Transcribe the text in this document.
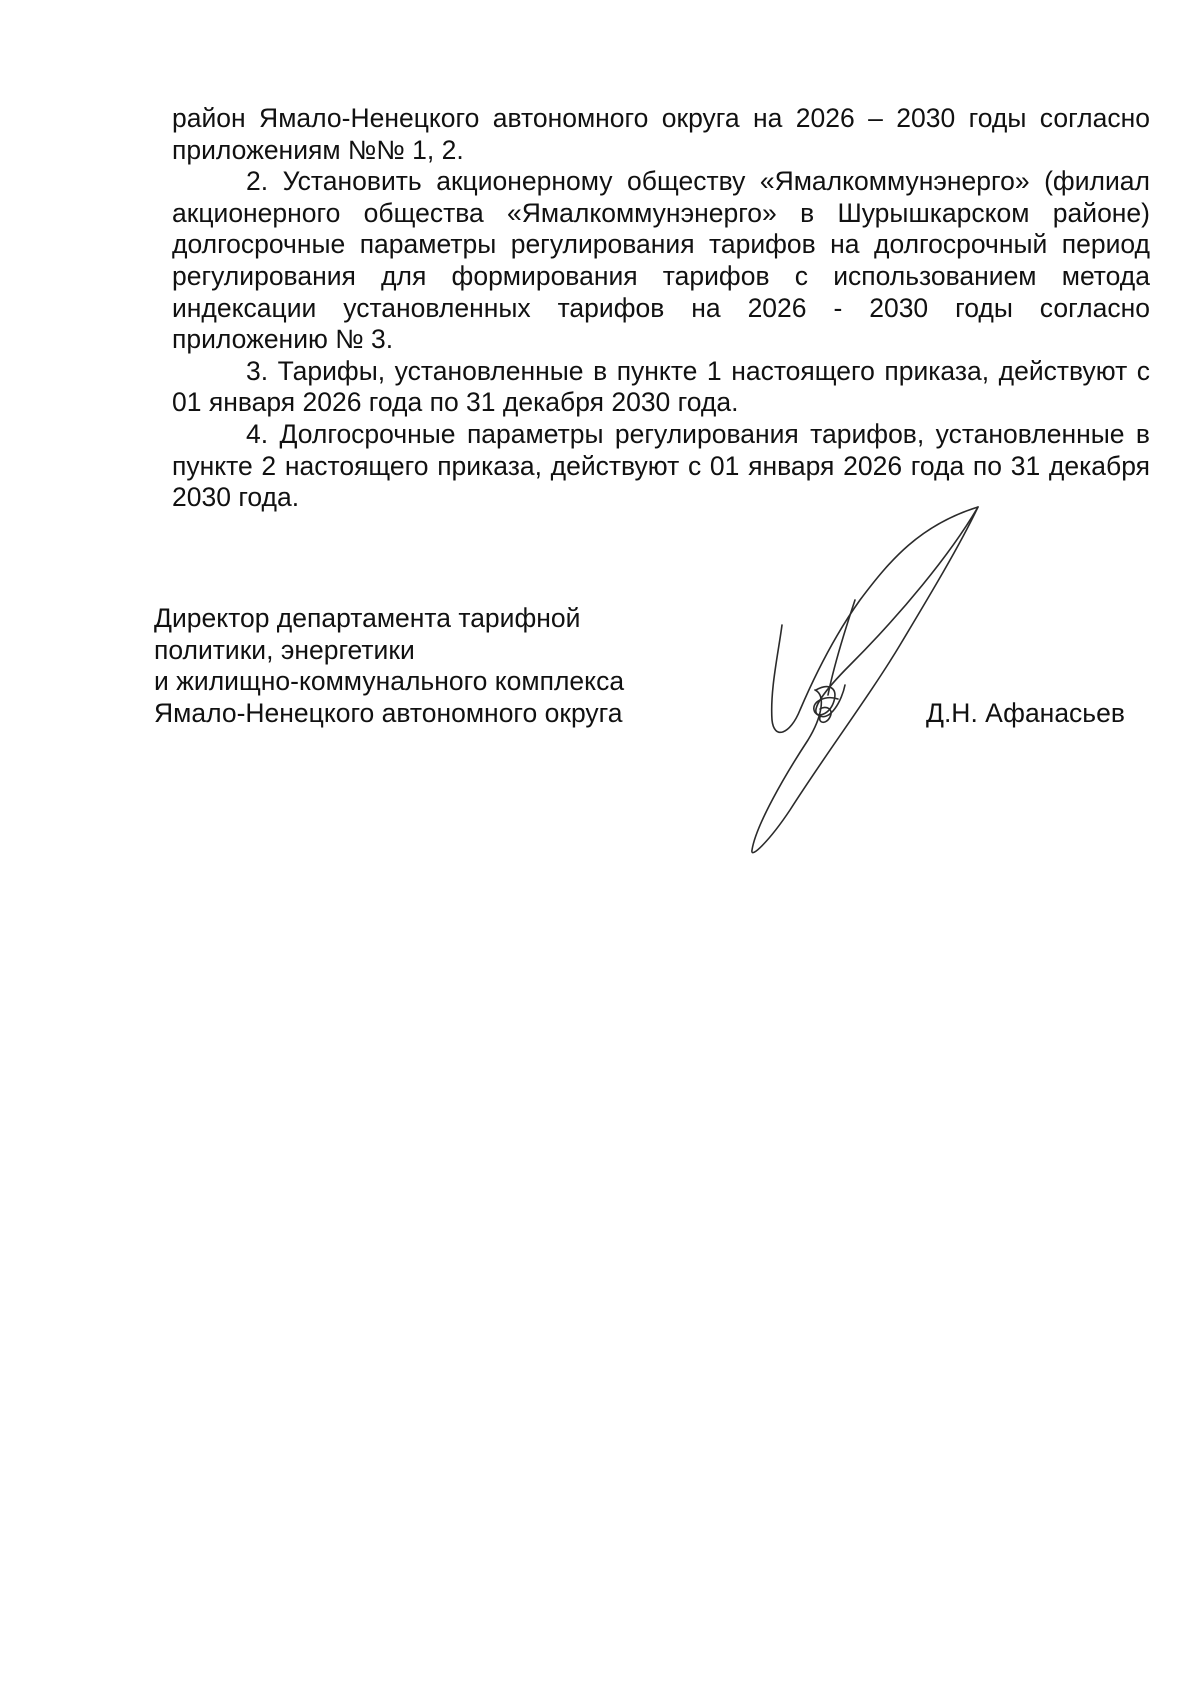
район Ямало-Ненецкого автономного округа на 2026 – 2030 годы согласно приложениям №№ 1, 2.

2. Установить акционерному обществу «Ямалкоммунэнерго» (филиал акционерного общества «Ямалкоммунэнерго» в Шурышкарском районе) долгосрочные параметры регулирования тарифов на долгосрочный период регулирования для формирования тарифов с использованием метода индексации установленных тарифов на 2026 - 2030 годы согласно приложению № 3.

3. Тарифы, установленные в пункте 1 настоящего приказа, действуют с 01 января 2026 года по 31 декабря 2030 года.

4. Долгосрочные параметры регулирования тарифов, установленные в пункте 2 настоящего приказа, действуют с 01 января 2026 года по 31 декабря 2030 года.

Директор департамента тарифной
политики, энергетики
и жилищно-коммунального комплекса
Ямало-Ненецкого автономного округа	Д.Н. Афанасьев
